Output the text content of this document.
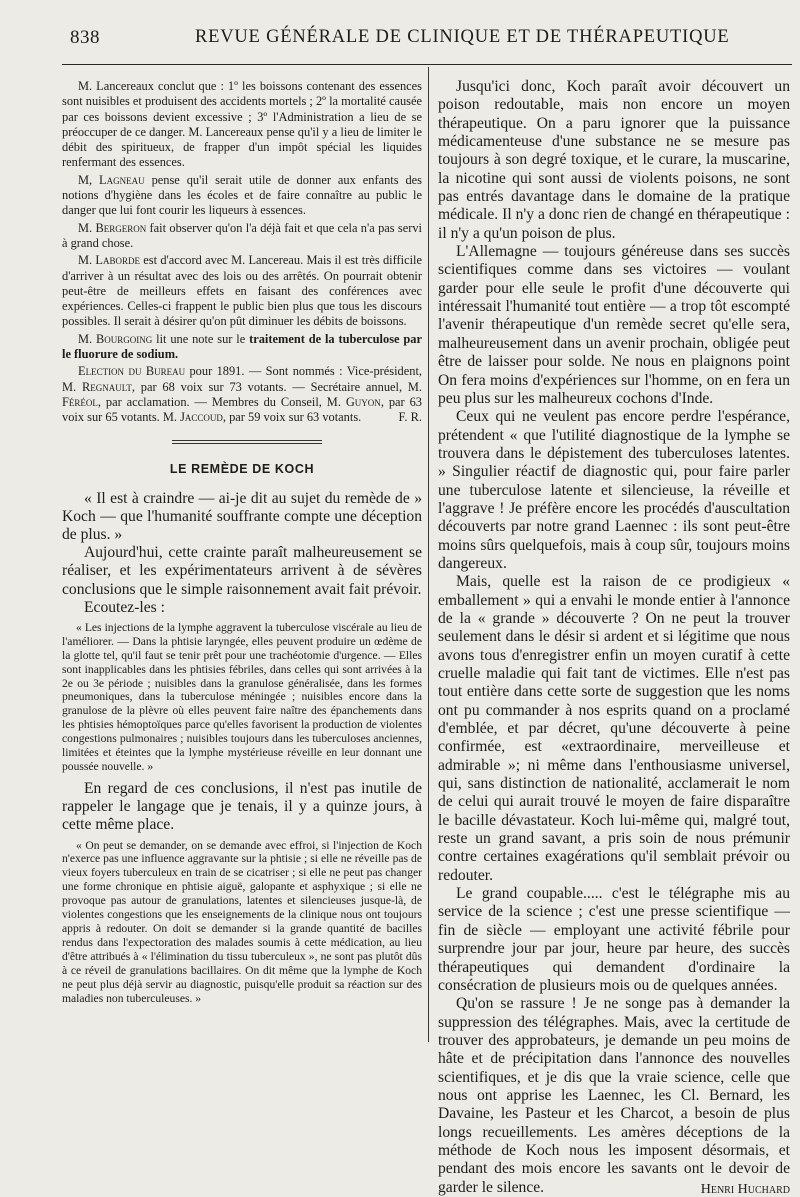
838	REVUE GÉNÉRALE DE CLINIQUE ET DE THÉRAPEUTIQUE

M. Lancereaux conclut que : 1º les boissons contenant des essences sont nuisibles et produisent des accidents mortels ; 2º la mortalité causée par ces boissons devient excessive ; 3º l'Administration a lieu de se préoccuper de ce danger. M. Lancereaux pense qu'il y a lieu de limiter le débit des spiritueux, de frapper d'un impôt spécial les liquides renfermant des essences.

M, Lagneau pense qu'il serait utile de donner aux enfants des notions d'hygiène dans les écoles et de faire connaître au public le danger que lui font courir les liqueurs à essences.

M. Bergeron fait observer qu'on l'a déjà fait et que cela n'a pas servi à grand chose.

M. Laborde est d'accord avec M. Lancereau. Mais il est très difficile d'arriver à un résultat avec des lois ou des arrêtés. On pourrait obtenir peut-être de meilleurs effets en faisant des conférences avec expériences. Celles-ci frappent le public bien plus que tous les discours possibles. Il serait à désirer qu'on pût diminuer les débits de boissons.

M. Bourgoing lit une note sur le traitement de la tuberculose par le fluorure de sodium.

Election du Bureau pour 1891. — Sont nommés : Vice-président, M. Regnault, par 68 voix sur 73 votants. — Secrétaire annuel, M. Féréol, par acclamation. — Membres du Conseil, M. Guyon, par 63 voix sur 65 votants. M. Jaccoud, par 59 voix sur 63 votants.	F. R.

LE REMÈDE DE KOCH

« Il est à craindre — ai-je dit au sujet du remède de » Koch — que l'humanité souffrante compte une déception de plus. »

Aujourd'hui, cette crainte paraît malheureusement se réaliser, et les expérimentateurs arrivent à de sévères conclusions que le simple raisonnement avait fait prévoir.

Ecoutez-les :

« Les injections de la lymphe aggravent la tuberculose viscérale au lieu de l'améliorer. — Dans la phtisie laryngée, elles peuvent produire un œdème de la glotte tel, qu'il faut se tenir prêt pour une trachéotomie d'urgence. — Elles sont inapplicables dans les phtisies fébriles, dans celles qui sont arrivées à la 2e ou 3e période ; nuisibles dans la granulose généralisée, dans les formes pneumoniques, dans la tuberculose méningée ; nuisibles encore dans la granulose de la plèvre où elles peuvent faire naître des épanchements dans les phtisies hémoptoïques parce qu'elles favorisent la production de violentes congestions pulmonaires ; nuisibles toujours dans les tuberculoses anciennes, limitées et éteintes que la lymphe mystérieuse réveille en leur donnant une poussée nouvelle. »

En regard de ces conclusions, il n'est pas inutile de rappeler le langage que je tenais, il y a quinze jours, à cette même place.

« On peut se demander, on se demande avec effroi, si l'injection de Koch n'exerce pas une influence aggravante sur la phtisie ; si elle ne réveille pas de vieux foyers tuberculeux en train de se cicatriser ; si elle ne peut pas changer une forme chronique en phtisie aiguë, galopante et asphyxique ; si elle ne provoque pas autour de granulations, latentes et silencieuses jusque-là, de violentes congestions que les enseignements de la clinique nous ont toujours appris à redouter. On doit se demander si la grande quantité de bacilles rendus dans l'expectoration des malades soumis à cette médication, au lieu d'être attribués à « l'élimination du tissu tuberculeux », ne sont pas plutôt dûs à ce réveil de granulations bacillaires. On dit même que la lymphe de Koch ne peut plus déjà servir au diagnostic, puisqu'elle produit sa réaction sur des maladies non tuberculeuses. »

Jusqu'ici donc, Koch paraît avoir découvert un poison redoutable, mais non encore un moyen thérapeutique. On a paru ignorer que la puissance médicamenteuse d'une substance ne se mesure pas toujours à son degré toxique, et le curare, la muscarine, la nicotine qui sont aussi de violents poisons, ne sont pas entrés davantage dans le domaine de la pratique médicale. Il n'y a donc rien de changé en thérapeutique : il n'y a qu'un poison de plus.

L'Allemagne — toujours généreuse dans ses succès scientifiques comme dans ses victoires — voulant garder pour elle seule le profit d'une découverte qui intéressait l'humanité tout entière — a trop tôt escompté l'avenir thérapeutique d'un remède secret qu'elle sera, malheureusement dans un avenir prochain, obligée peut être de laisser pour solde. Ne nous en plaignons point On fera moins d'expériences sur l'homme, on en fera un peu plus sur les malheureux cochons d'Inde.

Ceux qui ne veulent pas encore perdre l'espérance, prétendent « que l'utilité diagnostique de la lymphe se trouvera dans le dépistement des tuberculoses latentes. » Singulier réactif de diagnostic qui, pour faire parler une tuberculose latente et silencieuse, la réveille et l'aggrave ! Je préfère encore les procédés d'auscultation découverts par notre grand Laennec : ils sont peut-être moins sûrs quelquefois, mais à coup sûr, toujours moins dangereux.

Mais, quelle est la raison de ce prodigieux « emballement » qui a envahi le monde entier à l'annonce de la « grande » découverte ? On ne peut la trouver seulement dans le désir si ardent et si légitime que nous avons tous d'enregistrer enfin un moyen curatif à cette cruelle maladie qui fait tant de victimes. Elle n'est pas tout entière dans cette sorte de suggestion que les noms ont pu commander à nos esprits quand on a proclamé d'emblée, et par décret, qu'une découverte à peine confirmée, est «extraordinaire, merveilleuse et admirable »; ni même dans l'enthousiasme universel, qui, sans distinction de nationalité, acclamerait le nom de celui qui aurait trouvé le moyen de faire disparaître le bacille dévastateur. Koch lui-même qui, malgré tout, reste un grand savant, a pris soin de nous prémunir contre certaines exagérations qu'il semblait prévoir ou redouter.

Le grand coupable..... c'est le télégraphe mis au service de la science ; c'est une presse scientifique — fin de siècle — employant une activité fébrile pour surprendre jour par jour, heure par heure, des succès thérapeutiques qui demandent d'ordinaire la consécration de plusieurs mois ou de quelques années.

Qu'on se rassure ! Je ne songe pas à demander la suppression des télégraphes. Mais, avec la certitude de trouver des approbateurs, je demande un peu moins de hâte et de précipitation dans l'annonce des nouvelles scientifiques, et je dis que la vraie science, celle que nous ont apprise les Laennec, les Cl. Bernard, les Davaine, les Pasteur et les Charcot, a besoin de plus longs recueillements. Les amères déceptions de la méthode de Koch nous les imposent désormais, et pendant des mois encore les savants ont le devoir de garder le silence.	Henri Huchard
